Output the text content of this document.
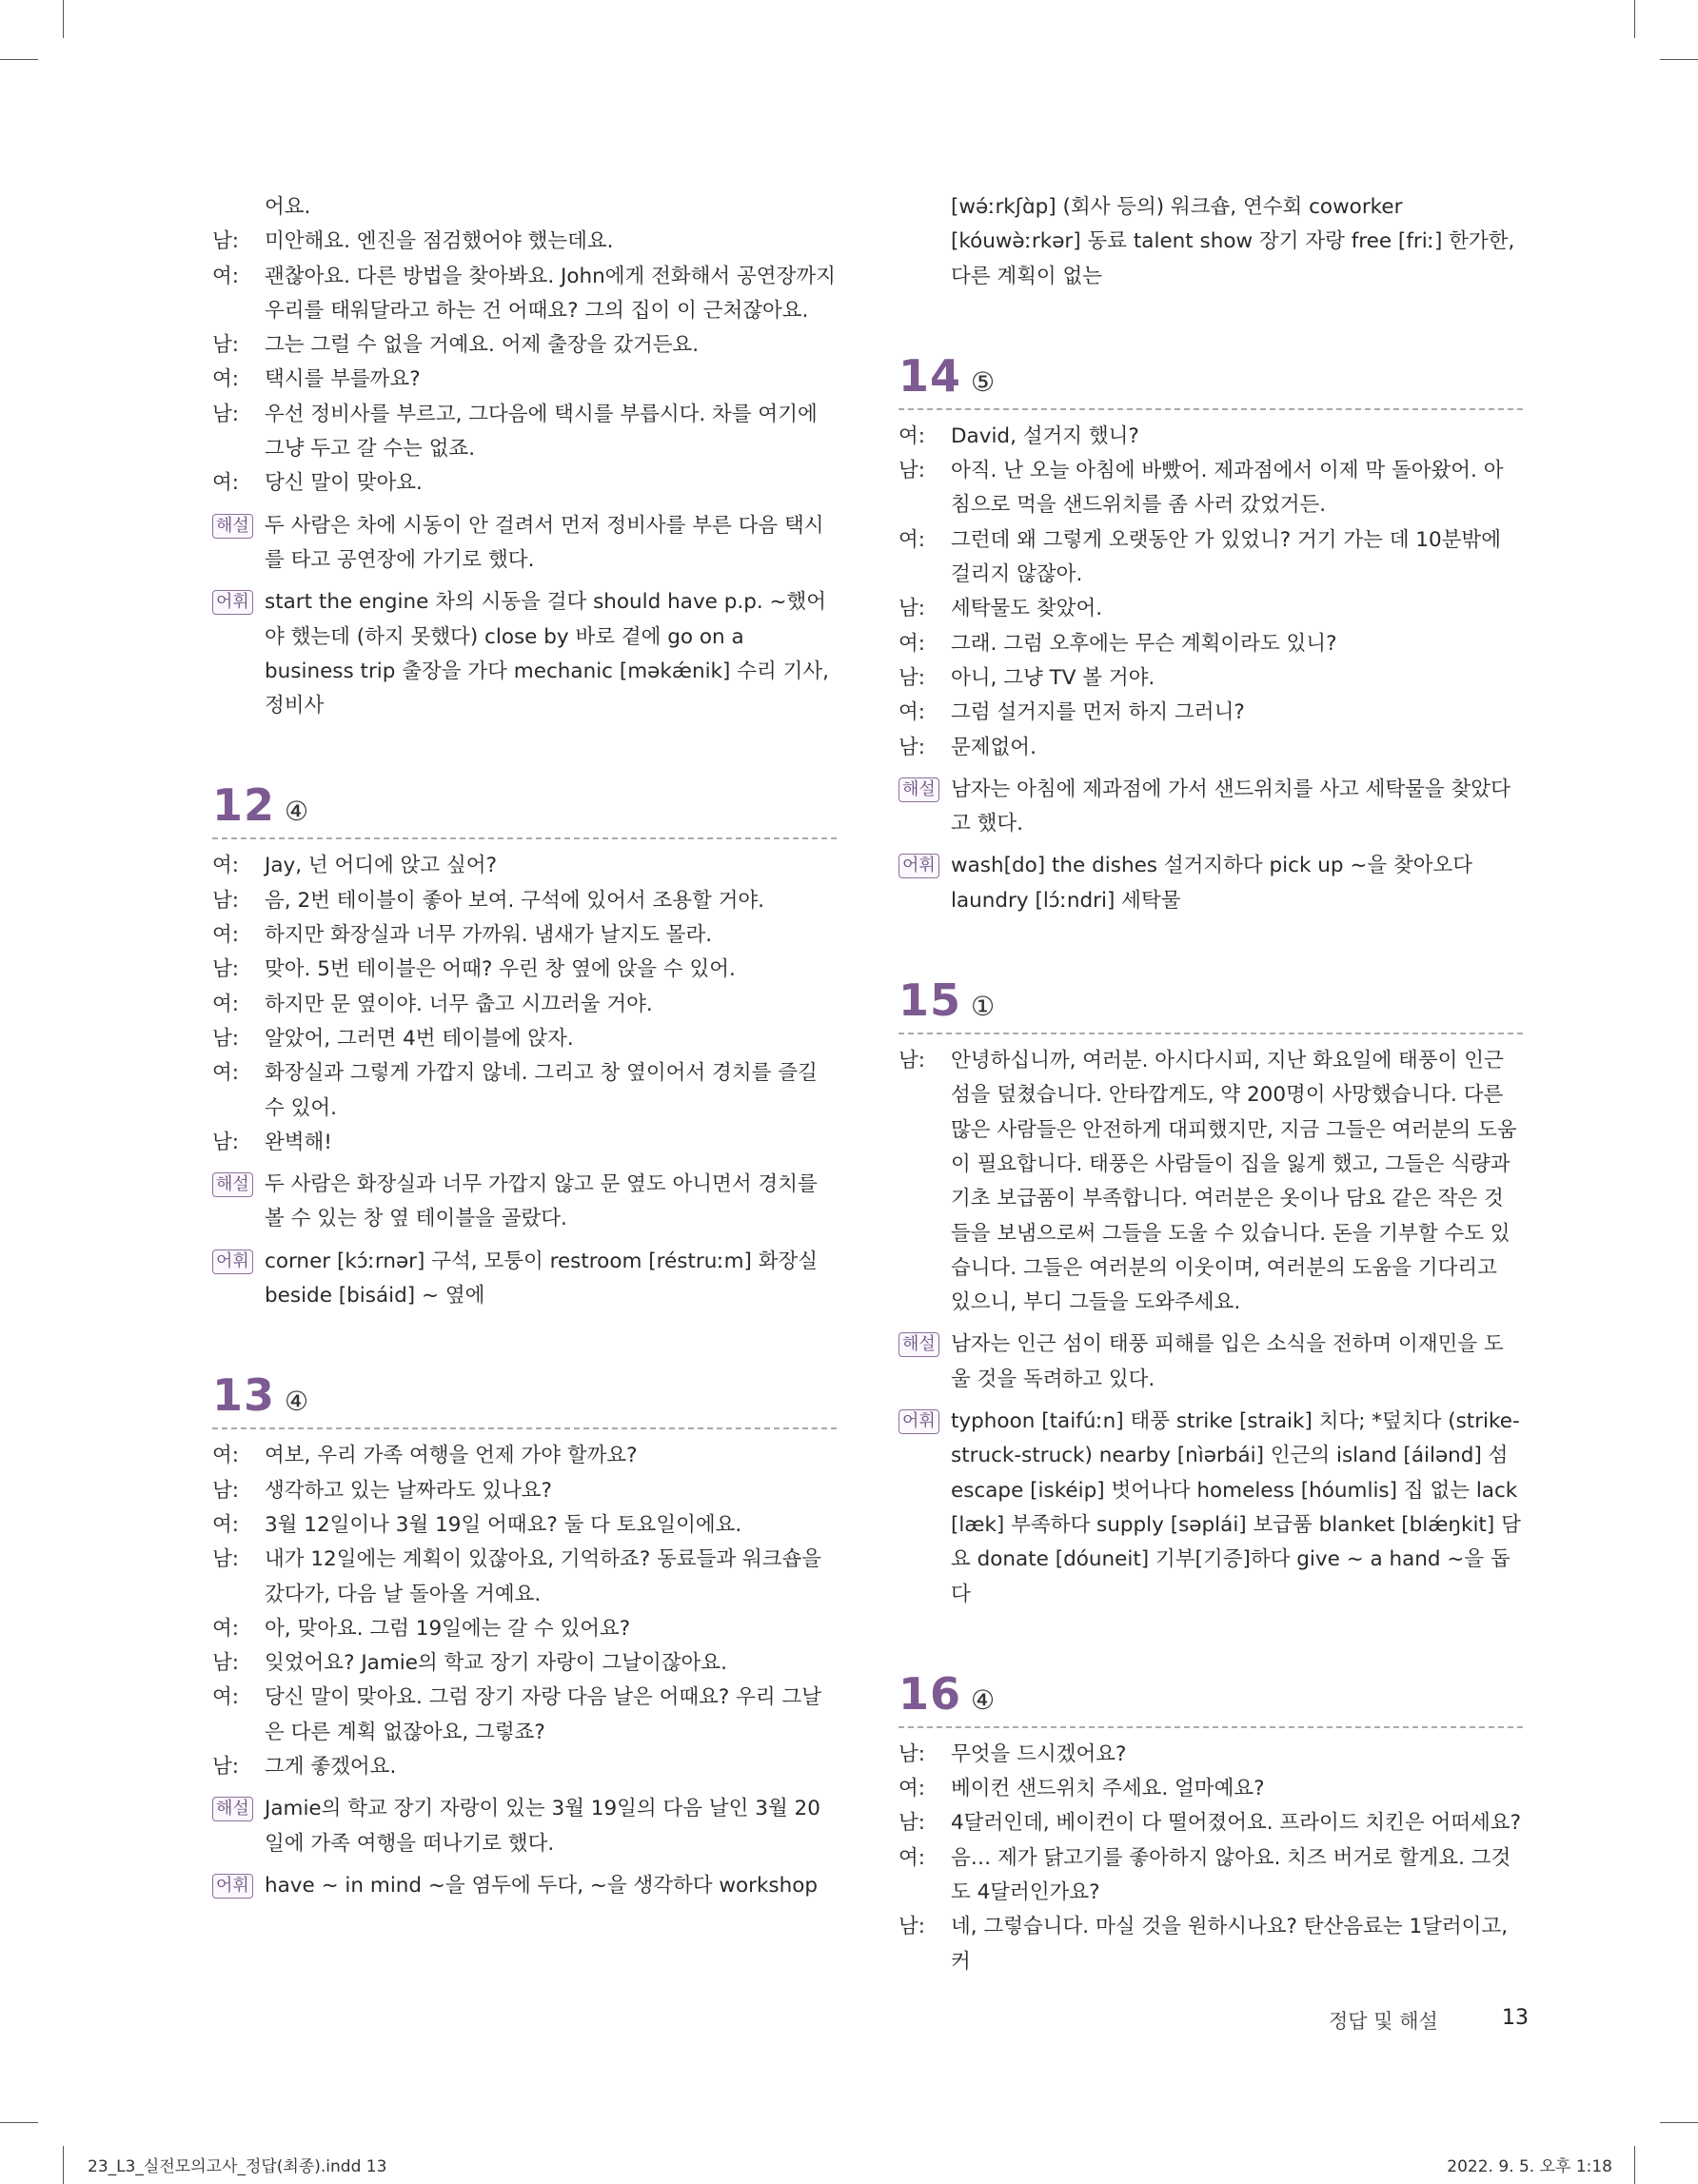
어요.
남: 미안해요. 엔진을 점검했어야 했는데요.
여: 괜찮아요. 다른 방법을 찾아봐요. John에게 전화해서 공연장까지 우리를 태워달라고 하는 건 어때요? 그의 집이 이 근처잖아요.
남: 그는 그럴 수 없을 거예요. 어제 출장을 갔거든요.
여: 택시를 부를까요?
남: 우선 정비사를 부르고, 그다음에 택시를 부릅시다. 차를 여기에 그냥 두고 갈 수는 없죠.
여: 당신 말이 맞아요.
해설 두 사람은 차에 시동이 안 걸려서 먼저 정비사를 부른 다음 택시를 타고 공연장에 가기로 했다.
어휘 start the engine 차의 시동을 걸다 should have p.p. ~했어야 했는데 (하지 못했다) close by 바로 곁에 go on a business trip 출장을 가다 mechanic [məkǽnik] 수리 기사, 정비사
12 ④
여: Jay, 넌 어디에 앉고 싶어?
남: 음, 2번 테이블이 좋아 보여. 구석에 있어서 조용할 거야.
여: 하지만 화장실과 너무 가까워. 냄새가 날지도 몰라.
남: 맞아. 5번 테이블은 어때? 우린 창 옆에 앉을 수 있어.
여: 하지만 문 옆이야. 너무 춥고 시끄러울 거야.
남: 알았어, 그러면 4번 테이블에 앉자.
여: 화장실과 그렇게 가깝지 않네. 그리고 창 옆이어서 경치를 즐길 수 있어.
남: 완벽해!
해설 두 사람은 화장실과 너무 가깝지 않고 문 옆도 아니면서 경치를 볼 수 있는 창 옆 테이블을 골랐다.
어휘 corner [kɔ́ːrnər] 구석, 모퉁이 restroom [réstruːm] 화장실 beside [bisáid] ~ 옆에
13 ④
여: 여보, 우리 가족 여행을 언제 가야 할까요?
남: 생각하고 있는 날짜라도 있나요?
여: 3월 12일이나 3월 19일 어때요? 둘 다 토요일이에요.
남: 내가 12일에는 계획이 있잖아요, 기억하죠? 동료들과 워크숍을 갔다가, 다음 날 돌아올 거예요.
여: 아, 맞아요. 그럼 19일에는 갈 수 있어요?
남: 잊었어요? Jamie의 학교 장기 자랑이 그날이잖아요.
여: 당신 말이 맞아요. 그럼 장기 자랑 다음 날은 어때요? 우리 그날은 다른 계획 없잖아요, 그렇죠?
남: 그게 좋겠어요.
해설 Jamie의 학교 장기 자랑이 있는 3월 19일의 다음 날인 3월 20일에 가족 여행을 떠나기로 했다.
어휘 have ~ in mind ~을 염두에 두다, ~을 생각하다 workshop
[wə́ːrkʃɑ̀p] (회사 등의) 워크숍, 연수회 coworker [kóuwə̀ːrkər] 동료 talent show 장기 자랑 free [friː] 한가한, 다른 계획이 없는
14 ⑤
여: David, 설거지 했니?
남: 아직. 난 오늘 아침에 바빴어. 제과점에서 이제 막 돌아왔어. 아침으로 먹을 샌드위치를 좀 사러 갔었거든.
여: 그런데 왜 그렇게 오랫동안 가 있었니? 거기 가는 데 10분밖에 걸리지 않잖아.
남: 세탁물도 찾았어.
여: 그래. 그럼 오후에는 무슨 계획이라도 있니?
남: 아니, 그냥 TV 볼 거야.
여: 그럼 설거지를 먼저 하지 그러니?
남: 문제없어.
해설 남자는 아침에 제과점에 가서 샌드위치를 사고 세탁물을 찾았다고 했다.
어휘 wash[do] the dishes 설거지하다 pick up ~을 찾아오다 laundry [lɔ́ːndri] 세탁물
15 ①
남: 안녕하십니까, 여러분. 아시다시피, 지난 화요일에 태풍이 인근 섬을 덮쳤습니다. 안타깝게도, 약 200명이 사망했습니다. 다른 많은 사람들은 안전하게 대피했지만, 지금 그들은 여러분의 도움이 필요합니다. 태풍은 사람들이 집을 잃게 했고, 그들은 식량과 기초 보급품이 부족합니다. 여러분은 옷이나 담요 같은 작은 것들을 보냄으로써 그들을 도울 수 있습니다. 돈을 기부할 수도 있습니다. 그들은 여러분의 이웃이며, 여러분의 도움을 기다리고 있으니, 부디 그들을 도와주세요.
해설 남자는 인근 섬이 태풍 피해를 입은 소식을 전하며 이재민을 도울 것을 독려하고 있다.
어휘 typhoon [taifúːn] 태풍 strike [straik] 치다; *덮치다 (strike-struck-struck) nearby [nìərbái] 인근의 island [áilənd] 섬 escape [iskéip] 벗어나다 homeless [hóumlis] 집 없는 lack [læk] 부족하다 supply [səplái] 보급품 blanket [blǽŋkit] 담요 donate [dóuneit] 기부[기증]하다 give ~ a hand ~을 돕다
16 ④
남: 무엇을 드시겠어요?
여: 베이컨 샌드위치 주세요. 얼마예요?
남: 4달러인데, 베이컨이 다 떨어졌어요. 프라이드 치킨은 어떠세요?
여: 음… 제가 닭고기를 좋아하지 않아요. 치즈 버거로 할게요. 그것도 4달러인가요?
남: 네, 그렇습니다. 마실 것을 원하시나요? 탄산음료는 1달러이고, 커
정답 및 해설	13
23_L3_실전모의고사_정답(최종).indd 13	2022. 9. 5. 오후 1:18
